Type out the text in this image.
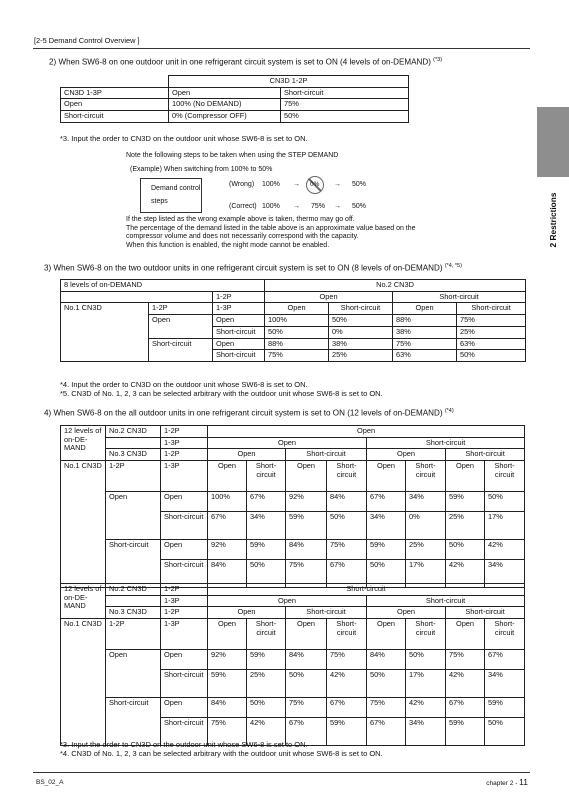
[2-5 Demand Control Overview ]
2 Restrictions
2) When SW6-8 on one outdoor unit in one refrigerant circuit system is set to ON (4 levels of on-DEMAND) $^{(*3)}$
	CN3D 1-2P	
CN3D 1-3P	Open	Short-circuit
Open	100% (No DEMAND)	75%
Short-circuit	0% (Compressor OFF)	50%
*3. Input the order to CN3D on the outdoor unit whose SW6-8 is set to ON.
Note the following steps to be taken when using the STEP DEMAND
(Example) When switching from 100% to 50%
Demand control
steps
(Wrong) 100% → 0% → 50%
(Correct) 100% → 75% → 50%
If the step listed as the wrong example above is taken, thermo may go off.
The percentage of the demand listed in the table above is an approximate value based on the
compressor volume and does not necessarily correspond with the capacity.
When this function is enabled, the night mode cannot be enabled.
3) When SW6-8 on the two outdoor units in one refrigerant circuit system is set to ON (8 levels of on-DEMAND) $^{(*4, *5)}$
8 levels of on-DEMAND			No.2 CN3D			
		1-2P	Open		Short-circuit	
No.1 CN3D	1-2P	1-3P	Open	Short-circuit	Open	Short-circuit
	Open	Open	100%	50%	88%	75%
		Short-circuit	50%	0%	38%	25%
	Short-circuit	Open	88%	38%	75%	63%
		Short-circuit	75%	25%	63%	50%
*4. Input the order to CN3D on the outdoor unit whose SW6-8 is set to ON.
*5. CN3D of No. 1, 2, 3 can be selected arbitrary with the outdoor unit whose SW6-8 is set to ON.
4) When SW6-8 on the all outdoor units in one refrigerant circuit system is set to ON (12 levels of on-DEMAND) $^{(*4)}$
12 levels of on-DE-MAND	No.2 CN3D	1-2P	Open							
		1-3P	Open				Short-circuit			
	No.3 CN3D	1-2P	Open		Short-circuit		Open		Short-circuit	
No.1 CN3D	1-2P	1-3P	Open	Short-circuit	Open	Short-circuit	Open	Short-circuit	Open	Short-circuit
	Open	Open	100%	67%	92%	84%	67%	34%	59%	50%
		Short-circuit	67%	34%	59%	50%	34%	0%	25%	17%
	Short-circuit	Open	92%	59%	84%	75%	59%	25%	50%	42%
		Short-circuit	84%	50%	75%	67%	50%	17%	42%	34%
12 levels of on-DE-MAND	No.2 CN3D	1-2P	Short-circuit							
		1-3P	Open				Short-circuit			
	No.3 CN3D	1-2P	Open		Short-circuit		Open		Short-circuit	
No.1 CN3D	1-2P	1-3P	Open	Short-circuit	Open	Short-circuit	Open	Short-circuit	Open	Short-circuit
	Open	Open	92%	59%	84%	75%	84%	50%	75%	67%
		Short-circuit	59%	25%	50%	42%	50%	17%	42%	34%
	Short-circuit	Open	84%	50%	75%	67%	75%	42%	67%	59%
		Short-circuit	75%	42%	67%	59%	67%	34%	59%	50%
*3. Input the order to CN3D on the outdoor unit whose SW6-8 is set to ON.
*4. CN3D of No. 1, 2, 3 can be selected arbitrary with the outdoor unit whose SW6-8 is set to ON.
BS_02_A	chapter 2 - 11
